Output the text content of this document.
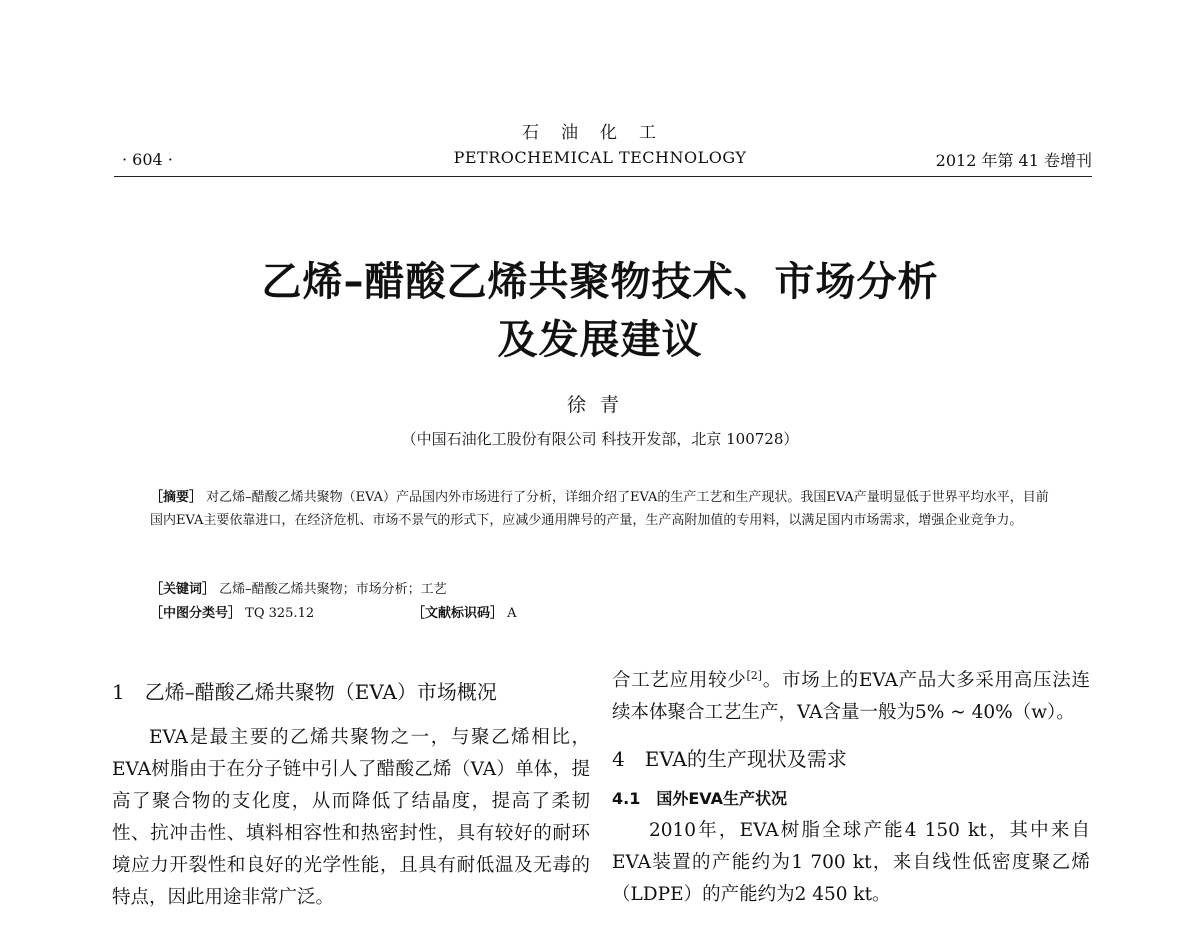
石油化工
PETROCHEMICAL TECHNOLOGY
· 604 ·	2012 年第 41 卷增刊
乙烯–醋酸乙烯共聚物技术、市场分析
及发展建议
徐青
（中国石油化工股份有限公司 科技开发部，北京 100728）
［摘要］ 对乙烯–醋酸乙烯共聚物（EVA）产品国内外市场进行了分析，详细介绍了EVA的生产工艺和生产现状。我国EVA产量明显低于世界平均水平，目前国内EVA主要依靠进口，在经济危机、市场不景气的形式下，应减少通用牌号的产量，生产高附加值的专用料，以满足国内市场需求，增强企业竞争力。
［关键词］ 乙烯–醋酸乙烯共聚物；市场分析；工艺
［中图分类号］ TQ 325.12	［文献标识码］ A
1　乙烯–醋酸乙烯共聚物（EVA）市场概况
EVA是最主要的乙烯共聚物之一，与聚乙烯相比，EVA树脂由于在分子链中引人了醋酸乙烯（VA）单体，提高了聚合物的支化度，从而降低了结晶度，提高了柔韧性、抗冲击性、填料相容性和热密封性，具有较好的耐环境应力开裂性和良好的光学性能，且具有耐低温及无毒的特点，因此用途非常广泛。
合工艺应用较少[2]。市场上的EVA产品大多采用高压法连续本体聚合工艺生产，VA含量一般为5% ~ 40%（w）。
4　EVA的生产现状及需求
4.1　国外EVA生产状况
2010年，EVA树脂全球产能4 150 kt，其中来自EVA装置的产能约为1 700 kt，来自线性低密度聚乙烯（LDPE）的产能约为2 450 kt。
